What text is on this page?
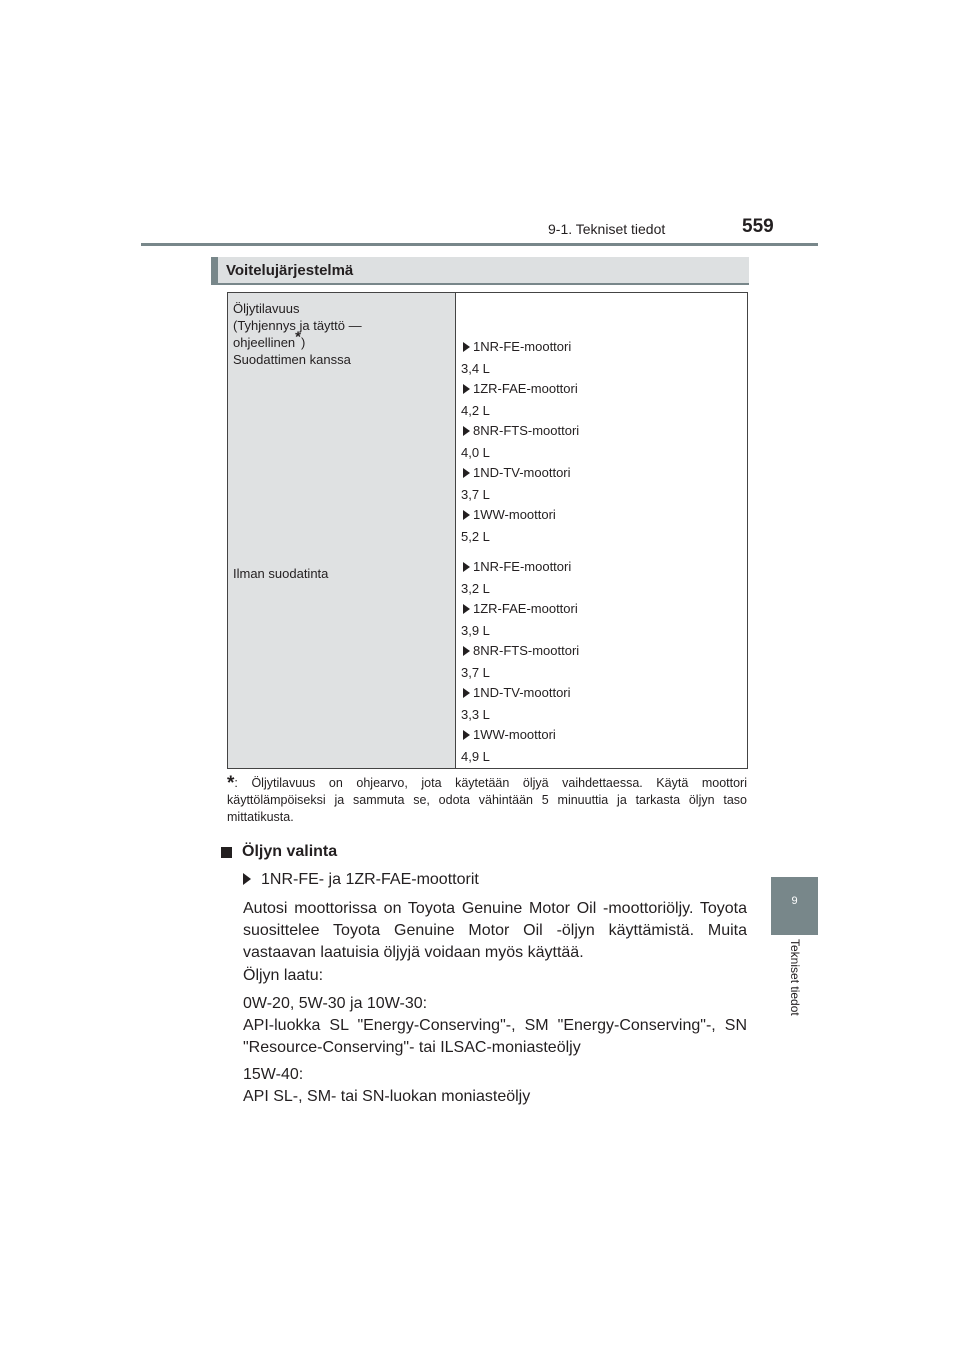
9-1. Tekniset tiedot	559
9
Tekniset tiedot
Voitelujärjestelmä
Öljytilavuus
(Tyhjennys ja täyttö —
ohjeellinen*)
Suodattimen kanssa
Ilman suodatinta
1NR-FE-moottori
3,4 L
1ZR-FAE-moottori
4,2 L
8NR-FTS-moottori
4,0 L
1ND-TV-moottori
3,7 L
1WW-moottori
5,2 L
1NR-FE-moottori
3,2 L
1ZR-FAE-moottori
3,9 L
8NR-FTS-moottori
3,7 L
1ND-TV-moottori
3,3 L
1WW-moottori
4,9 L
*: Öljytilavuus on ohjearvo, jota käytetään öljyä vaihdettaessa. Käytä moottori käyttölämpöiseksi ja sammuta se, odota vähintään 5 minuuttia ja tarkasta öljyn taso mittatikusta.
Öljyn valinta
1NR-FE- ja 1ZR-FAE-moottorit
Autosi moottorissa on Toyota Genuine Motor Oil -moottoriöljy. Toyota suosittelee Toyota Genuine Motor Oil -öljyn käyttämistä. Muita vastaavan laatuisia öljyjä voidaan myös käyttää.
Öljyn laatu:
0W-20, 5W-30 ja 10W-30:
API-luokka SL "Energy-Conserving"-, SM "Energy-Conserving"-, SN "Resource-Conserving"- tai ILSAC-moniasteöljy
15W-40:
API SL-, SM- tai SN-luokan moniasteöljy
